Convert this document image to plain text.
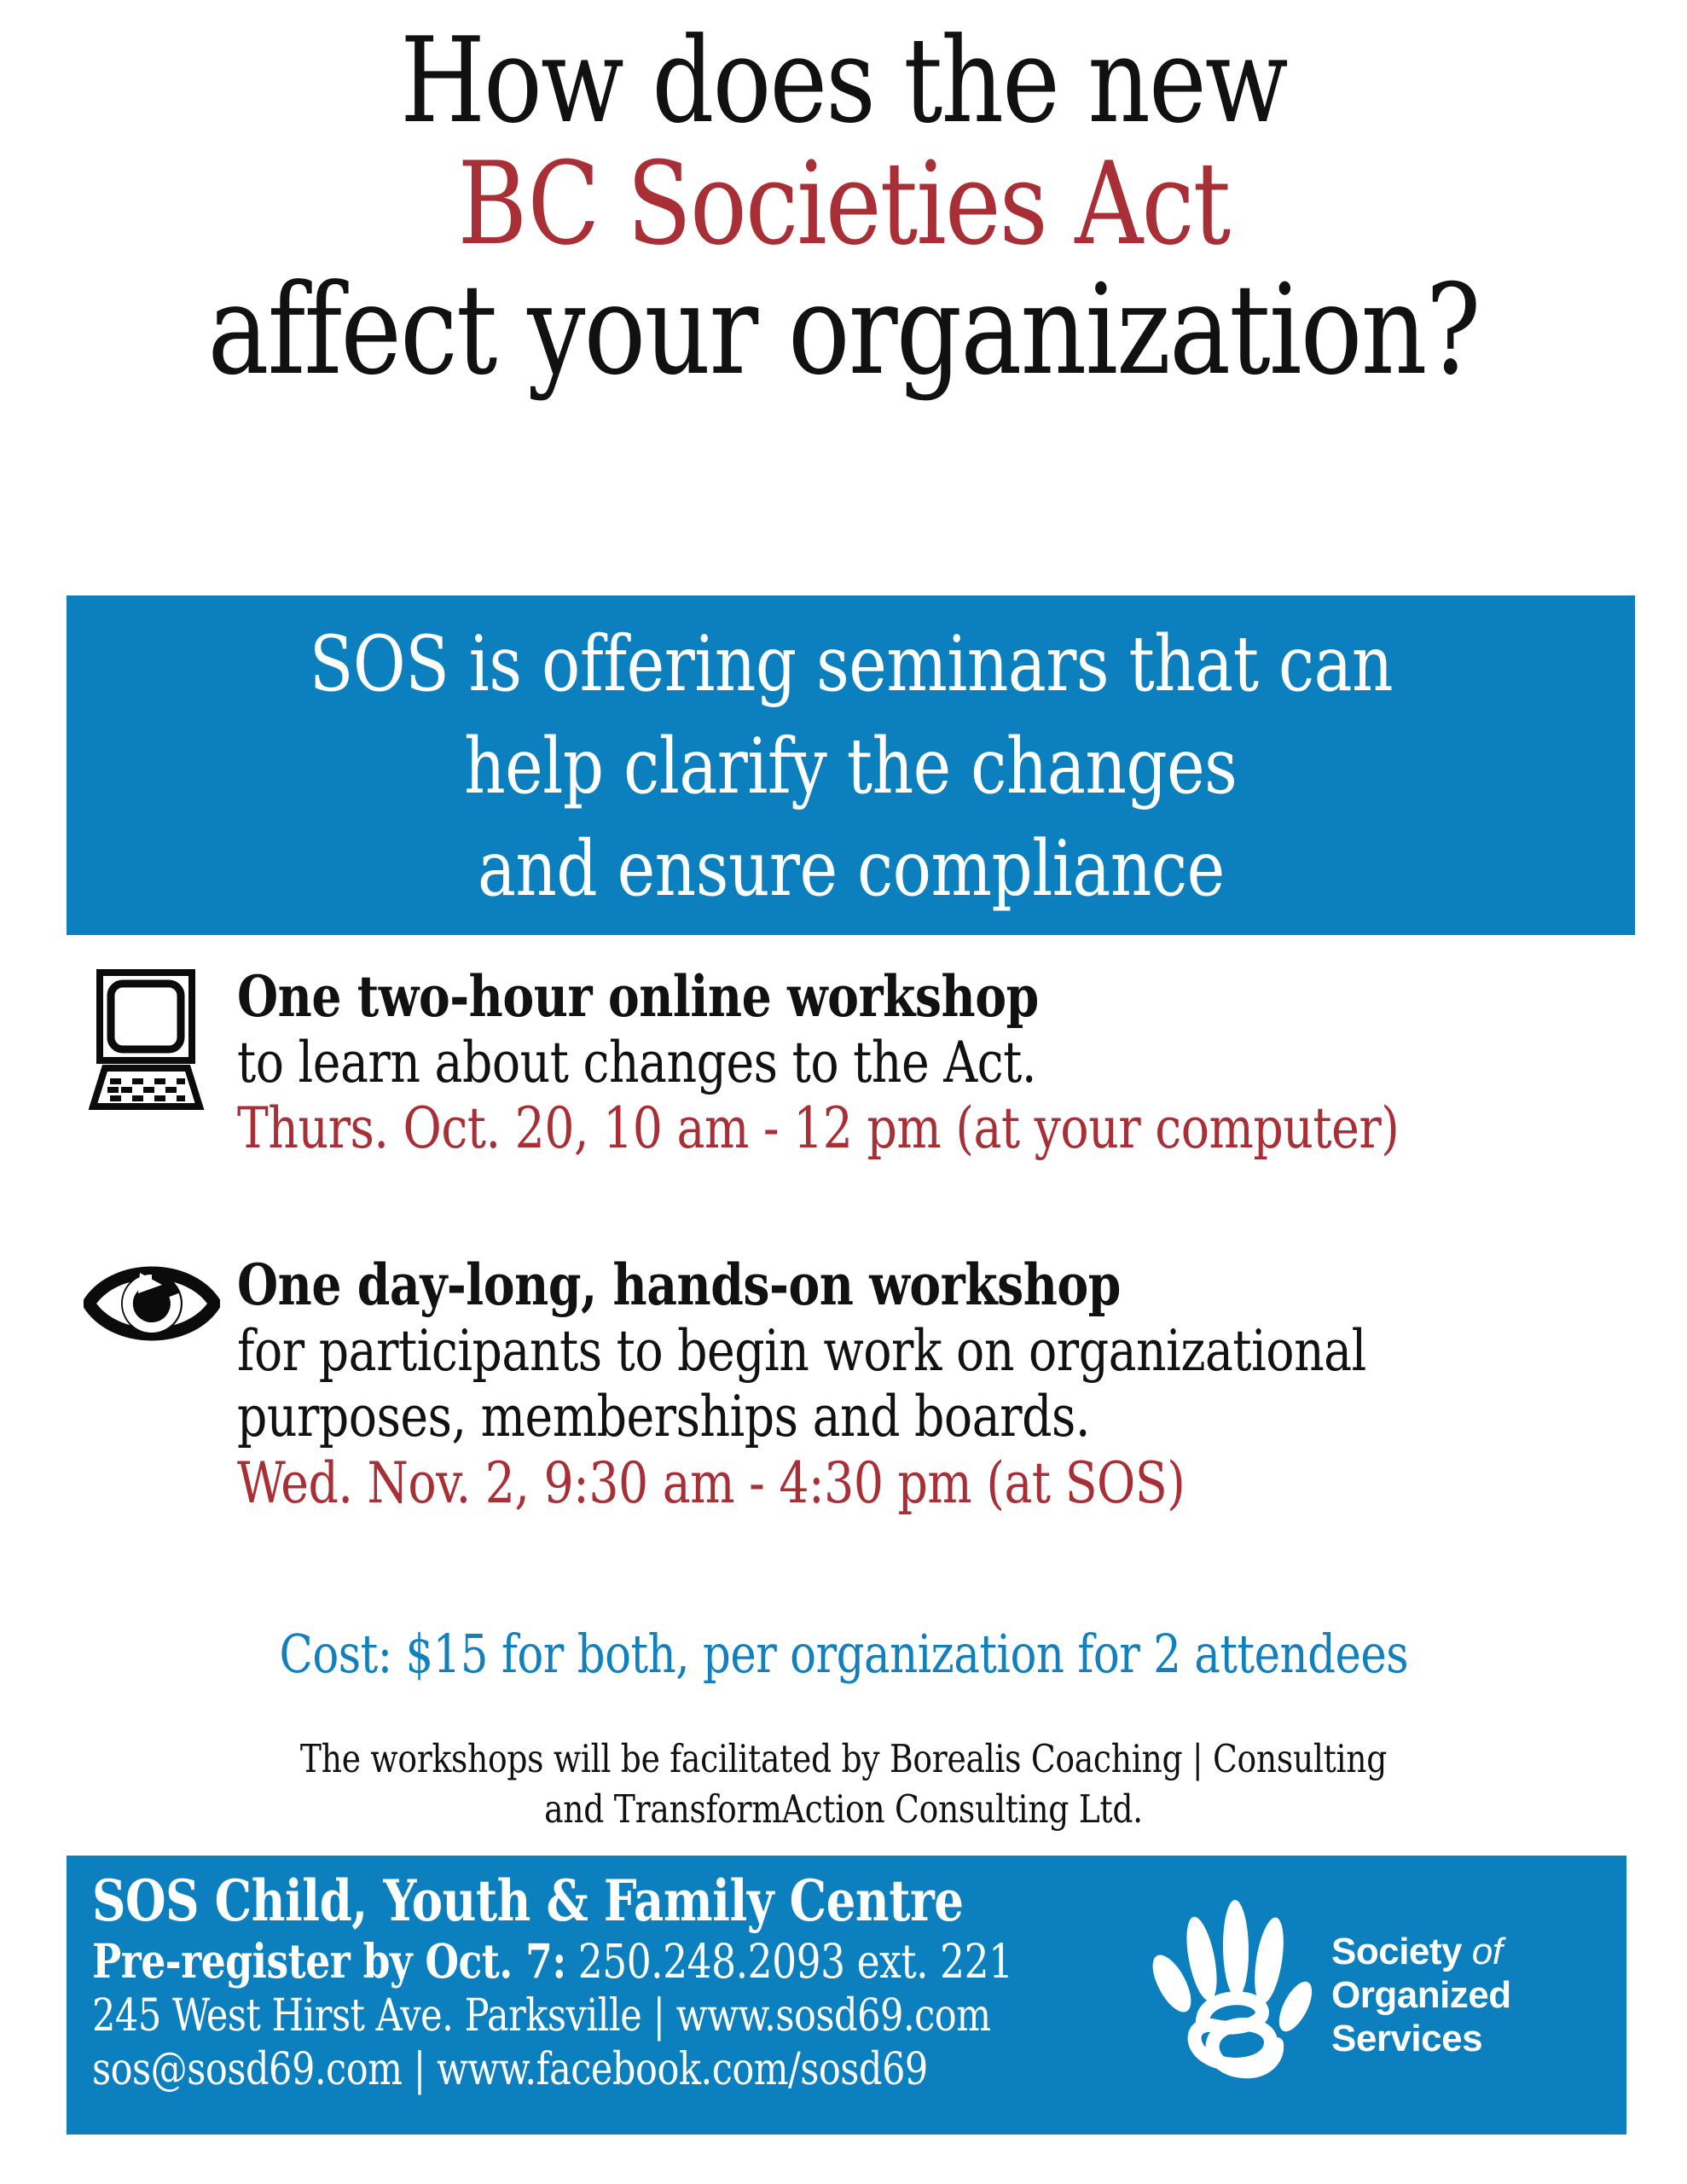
How does the new
BC Societies Act
affect your organization?
SOS is offering seminars that can
help clarify the changes
and ensure compliance
One two-hour online workshop
to learn about changes to the Act.
Thurs. Oct. 20, 10 am - 12 pm (at your computer)
One day-long, hands-on workshop
for participants to begin work on organizational
purposes, memberships and boards.
Wed. Nov. 2, 9:30 am - 4:30 pm (at SOS)
Cost: $15 for both, per organization for 2 attendees
The workshops will be facilitated by Borealis Coaching | Consulting
and TransformAction Consulting Ltd.
SOS Child, Youth & Family Centre
Pre-register by Oct. 7: 250.248.2093 ext. 221
245 West Hirst Ave. Parksville | www.sosd69.com
sos@sosd69.com | www.facebook.com/sosd69
Society of
Organized
Services
